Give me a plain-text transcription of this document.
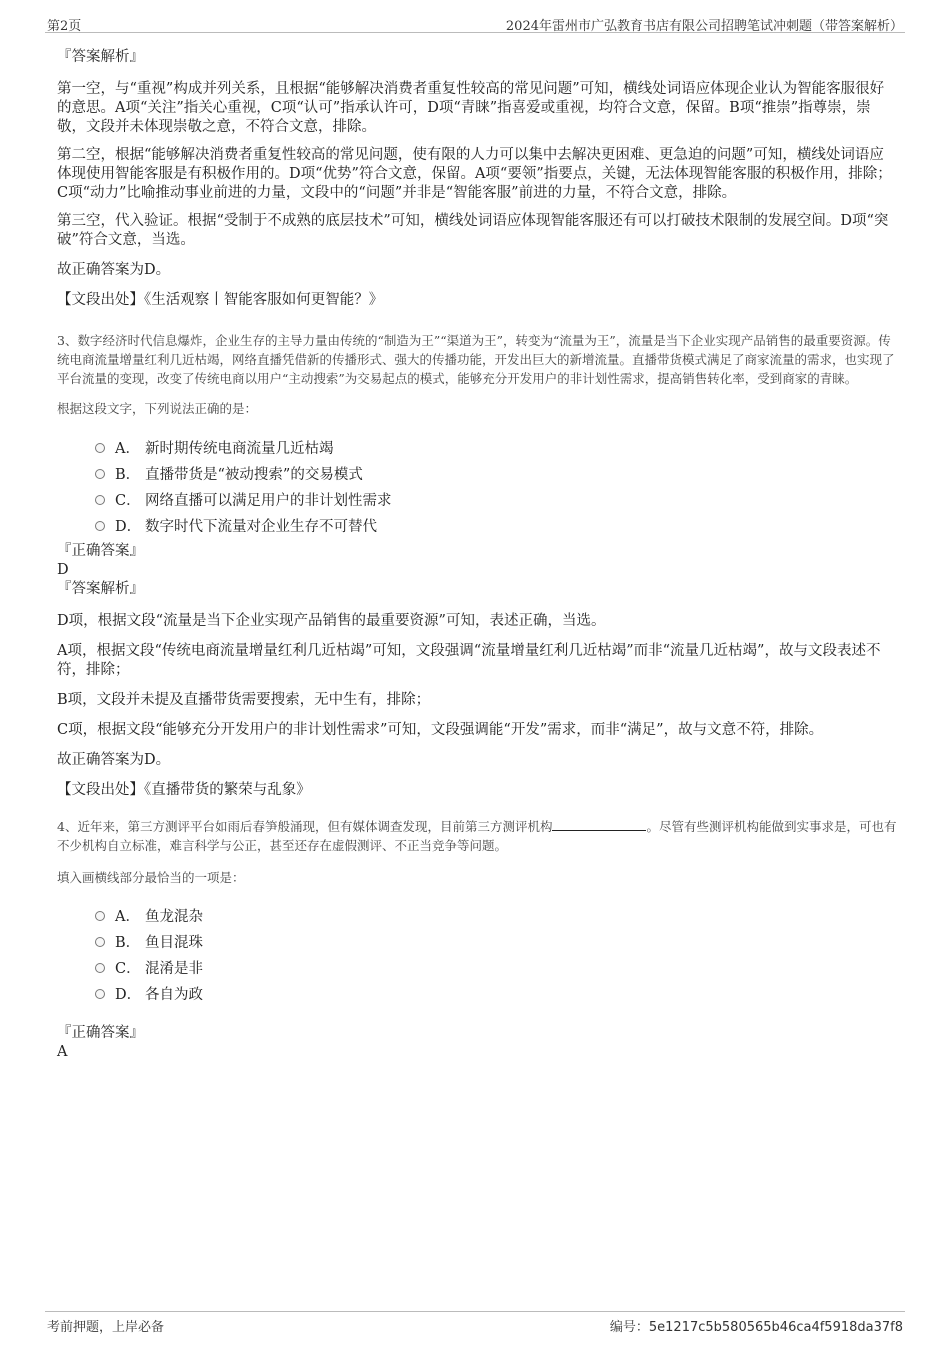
第2页	2024年雷州市广弘教育书店有限公司招聘笔试冲刺题（带答案解析）

『答案解析』

第一空，与“重视”构成并列关系，且根据“能够解决消费者重复性较高的常见问题”可知，横线处词语应体现企业认为智能客服很好的意思。A项“关注”指关心重视，C项“认可”指承认许可，D项“青睐”指喜爱或重视，均符合文意，保留。B项“推崇”指尊崇，崇敬，文段并未体现崇敬之意，不符合文意，排除。

第二空，根据“能够解决消费者重复性较高的常见问题，使有限的人力可以集中去解决更困难、更急迫的问题”可知，横线处词语应体现使用智能客服是有积极作用的。D项“优势”符合文意，保留。A项“要领”指要点，关键，无法体现智能客服的积极作用，排除；C项“动力”比喻推动事业前进的力量，文段中的“问题”并非是“智能客服”前进的力量，不符合文意，排除。

第三空，代入验证。根据“受制于不成熟的底层技术”可知，横线处词语应体现智能客服还有可以打破技术限制的发展空间。D项“突破”符合文意，当选。

故正确答案为D。

【文段出处】《生活观察丨智能客服如何更智能？》

3、数字经济时代信息爆炸，企业生存的主导力量由传统的“制造为王”“渠道为王”，转变为“流量为王”，流量是当下企业实现产品销售的最重要资源。传统电商流量增量红利几近枯竭，网络直播凭借新的传播形式、强大的传播功能，开发出巨大的新增流量。直播带货模式满足了商家流量的需求，也实现了平台流量的变现，改变了传统电商以用户“主动搜索”为交易起点的模式，能够充分开发用户的非计划性需求，提高销售转化率，受到商家的青睐。

根据这段文字，下列说法正确的是：

A． 新时期传统电商流量几近枯竭
B． 直播带货是“被动搜索”的交易模式
C． 网络直播可以满足用户的非计划性需求
D． 数字时代下流量对企业生存不可替代

『正确答案』

D

『答案解析』

D项，根据文段“流量是当下企业实现产品销售的最重要资源”可知，表述正确，当选。

A项，根据文段“传统电商流量增量红利几近枯竭”可知，文段强调“流量增量红利几近枯竭”而非“流量几近枯竭”，故与文段表述不符，排除；

B项，文段并未提及直播带货需要搜索，无中生有，排除；

C项，根据文段“能够充分开发用户的非计划性需求”可知，文段强调能“开发”需求，而非“满足”，故与文意不符，排除。

故正确答案为D。

【文段出处】《直播带货的繁荣与乱象》

4、近年来，第三方测评平台如雨后春笋般涌现，但有媒体调查发现，目前第三方测评机构	。尽管有些测评机构能做到实事求是，可也有不少机构自立标准，难言科学与公正，甚至还存在虚假测评、不正当竞争等问题。

填入画横线部分最恰当的一项是：

A． 鱼龙混杂
B． 鱼目混珠
C． 混淆是非
D． 各自为政

『正确答案』

A

考前押题，上岸必备	编号：5e1217c5b580565b46ca4f5918da37f8
